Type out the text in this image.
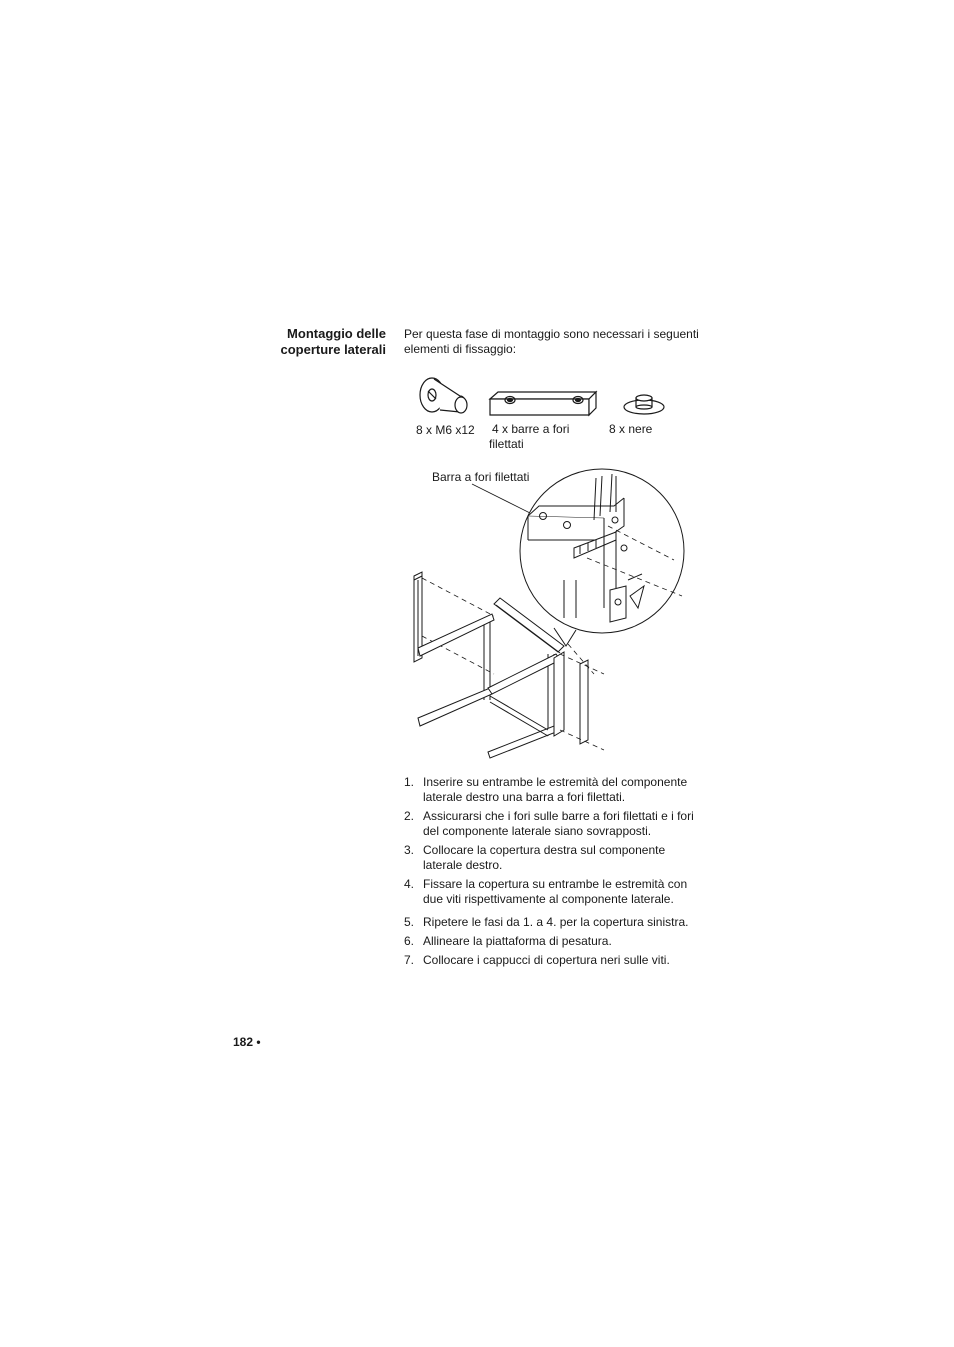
Montaggio delle
coperture laterali
Per questa fase di montaggio sono necessari i seguenti
elementi di fissaggio:
8 x M6 x12 4 x barre a fori
filettati
8 x nere
Barra a fori filettati
1. Inserire su entrambe le estremità del componente laterale destro una barra a fori filettati.
2. Assicurarsi che i fori sulle barre a fori filettati e i fori del componente laterale siano sovrapposti.
3. Collocare la copertura destra sul componente laterale destro.
4. Fissare la copertura su entrambe le estremità con due viti rispettivamente al componente laterale.
5. Ripetere le fasi da 1. a 4. per la copertura sinistra.
6. Allineare la piattaforma di pesatura.
7. Collocare i cappucci di copertura neri sulle viti.
182 •
